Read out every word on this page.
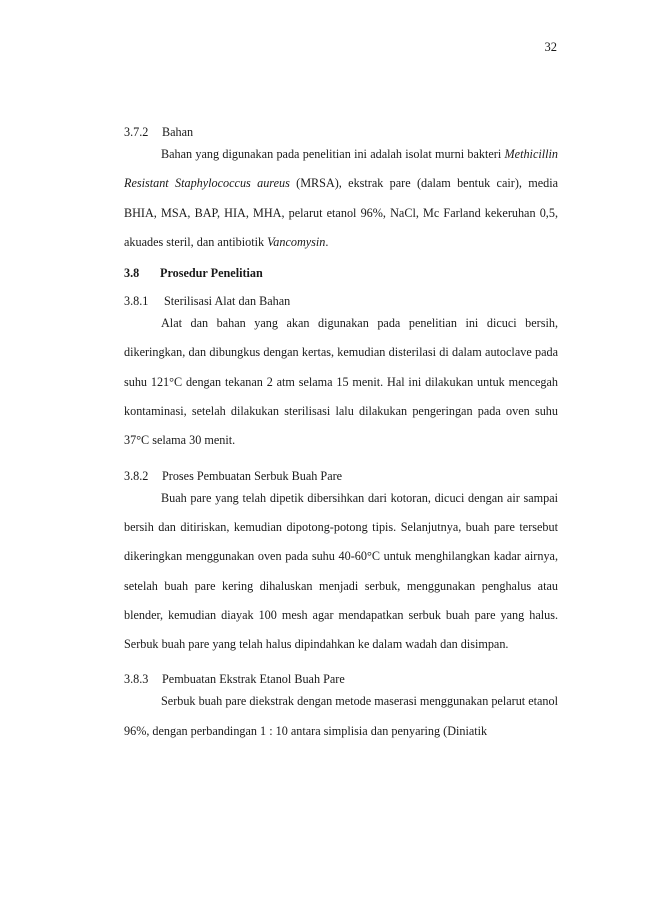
32
3.7.2 Bahan

Bahan yang digunakan pada penelitian ini adalah isolat murni bakteri Methicillin Resistant Staphylococcus aureus (MRSA), ekstrak pare (dalam bentuk cair), media BHIA, MSA, BAP, HIA, MHA, pelarut etanol 96%, NaCl, Mc Farland kekeruhan 0,5, akuades steril, dan antibiotik Vancomysin.

3.8 Prosedur Penelitian
3.8.1 Sterilisasi Alat dan Bahan

Alat dan bahan yang akan digunakan pada penelitian ini dicuci bersih, dikeringkan, dan dibungkus dengan kertas, kemudian disterilasi di dalam autoclave pada suhu 121°C dengan tekanan 2 atm selama 15 menit. Hal ini dilakukan untuk mencegah kontaminasi, setelah dilakukan sterilisasi lalu dilakukan pengeringan pada oven suhu 37°C selama 30 menit.

3.8.2 Proses Pembuatan Serbuk Buah Pare

Buah pare yang telah dipetik dibersihkan dari kotoran, dicuci dengan air sampai bersih dan ditiriskan, kemudian dipotong-potong tipis. Selanjutnya, buah pare tersebut dikeringkan menggunakan oven pada suhu 40-60°C untuk menghilangkan kadar airnya, setelah buah pare kering dihaluskan menjadi serbuk, menggunakan penghalus atau blender, kemudian diayak 100 mesh agar mendapatkan serbuk buah pare yang halus. Serbuk buah pare yang telah halus dipindahkan ke dalam wadah dan disimpan.

3.8.3 Pembuatan Ekstrak Etanol Buah Pare

Serbuk buah pare diekstrak dengan metode maserasi menggunakan pelarut etanol 96%, dengan perbandingan 1 : 10 antara simplisia dan penyaring (Diniatik
